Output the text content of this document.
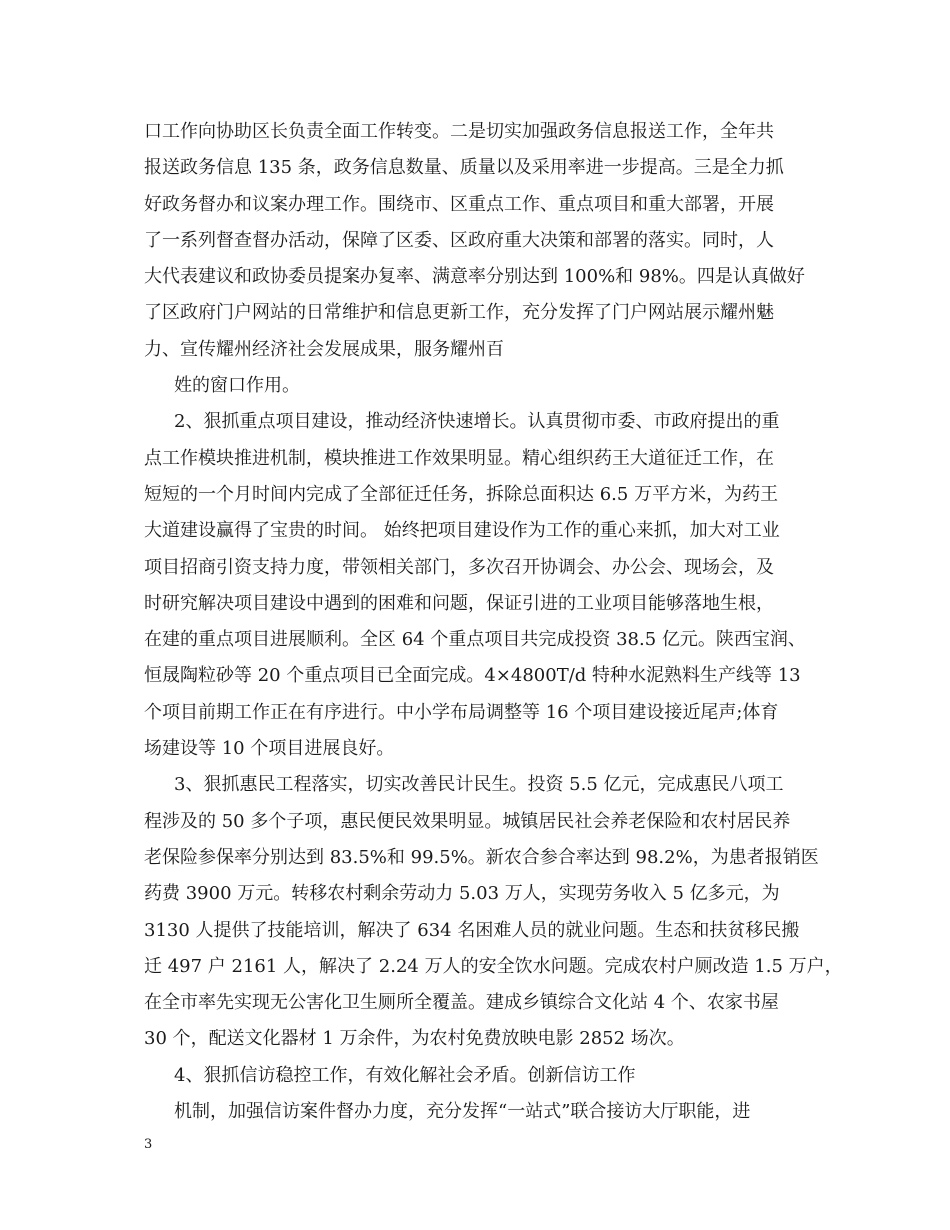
口工作向协助区长负责全面工作转变。二是切实加强政务信息报送工作，全年共
报送政务信息 135 条，政务信息数量、质量以及采用率进一步提高。三是全力抓
好政务督办和议案办理工作。围绕市、区重点工作、重点项目和重大部署，开展
了一系列督查督办活动，保障了区委、区政府重大决策和部署的落实。同时，人
大代表建议和政协委员提案办复率、满意率分别达到 100%和 98%。四是认真做好
了区政府门户网站的日常维护和信息更新工作，充分发挥了门户网站展示耀州魅
力、宣传耀州经济社会发展成果，服务耀州百
姓的窗口作用。
2、狠抓重点项目建设，推动经济快速增长。认真贯彻市委、市政府提出的重
点工作模块推进机制，模块推进工作效果明显。精心组织药王大道征迁工作，在
短短的一个月时间内完成了全部征迁任务，拆除总面积达 6.5 万平方米，为药王
大道建设赢得了宝贵的时间。 始终把项目建设作为工作的重心来抓，加大对工业
项目招商引资支持力度，带领相关部门，多次召开协调会、办公会、现场会，及
时研究解决项目建设中遇到的困难和问题，保证引进的工业项目能够落地生根，
在建的重点项目进展顺利。全区 64 个重点项目共完成投资 38.5 亿元。陕西宝润、
恒晟陶粒砂等 20 个重点项目已全面完成。4×4800T/d 特种水泥熟料生产线等 13
个项目前期工作正在有序进行。中小学布局调整等 16 个项目建设接近尾声;体育
场建设等 10 个项目进展良好。
3、狠抓惠民工程落实，切实改善民计民生。投资 5.5 亿元，完成惠民八项工
程涉及的 50 多个子项，惠民便民效果明显。城镇居民社会养老保险和农村居民养
老保险参保率分别达到 83.5%和 99.5%。新农合参合率达到 98.2%，为患者报销医
药费 3900 万元。转移农村剩余劳动力 5.03 万人，实现劳务收入 5 亿多元，为
3130 人提供了技能培训，解决了 634 名困难人员的就业问题。生态和扶贫移民搬
迁 497 户 2161 人，解决了 2.24 万人的安全饮水问题。完成农村户厕改造 1.5 万户，
在全市率先实现无公害化卫生厕所全覆盖。建成乡镇综合文化站 4 个、农家书屋
30 个，配送文化器材 1 万余件，为农村免费放映电影 2852 场次。
4、狠抓信访稳控工作，有效化解社会矛盾。创新信访工作
机制，加强信访案件督办力度，充分发挥“一站式”联合接访大厅职能，进
3
